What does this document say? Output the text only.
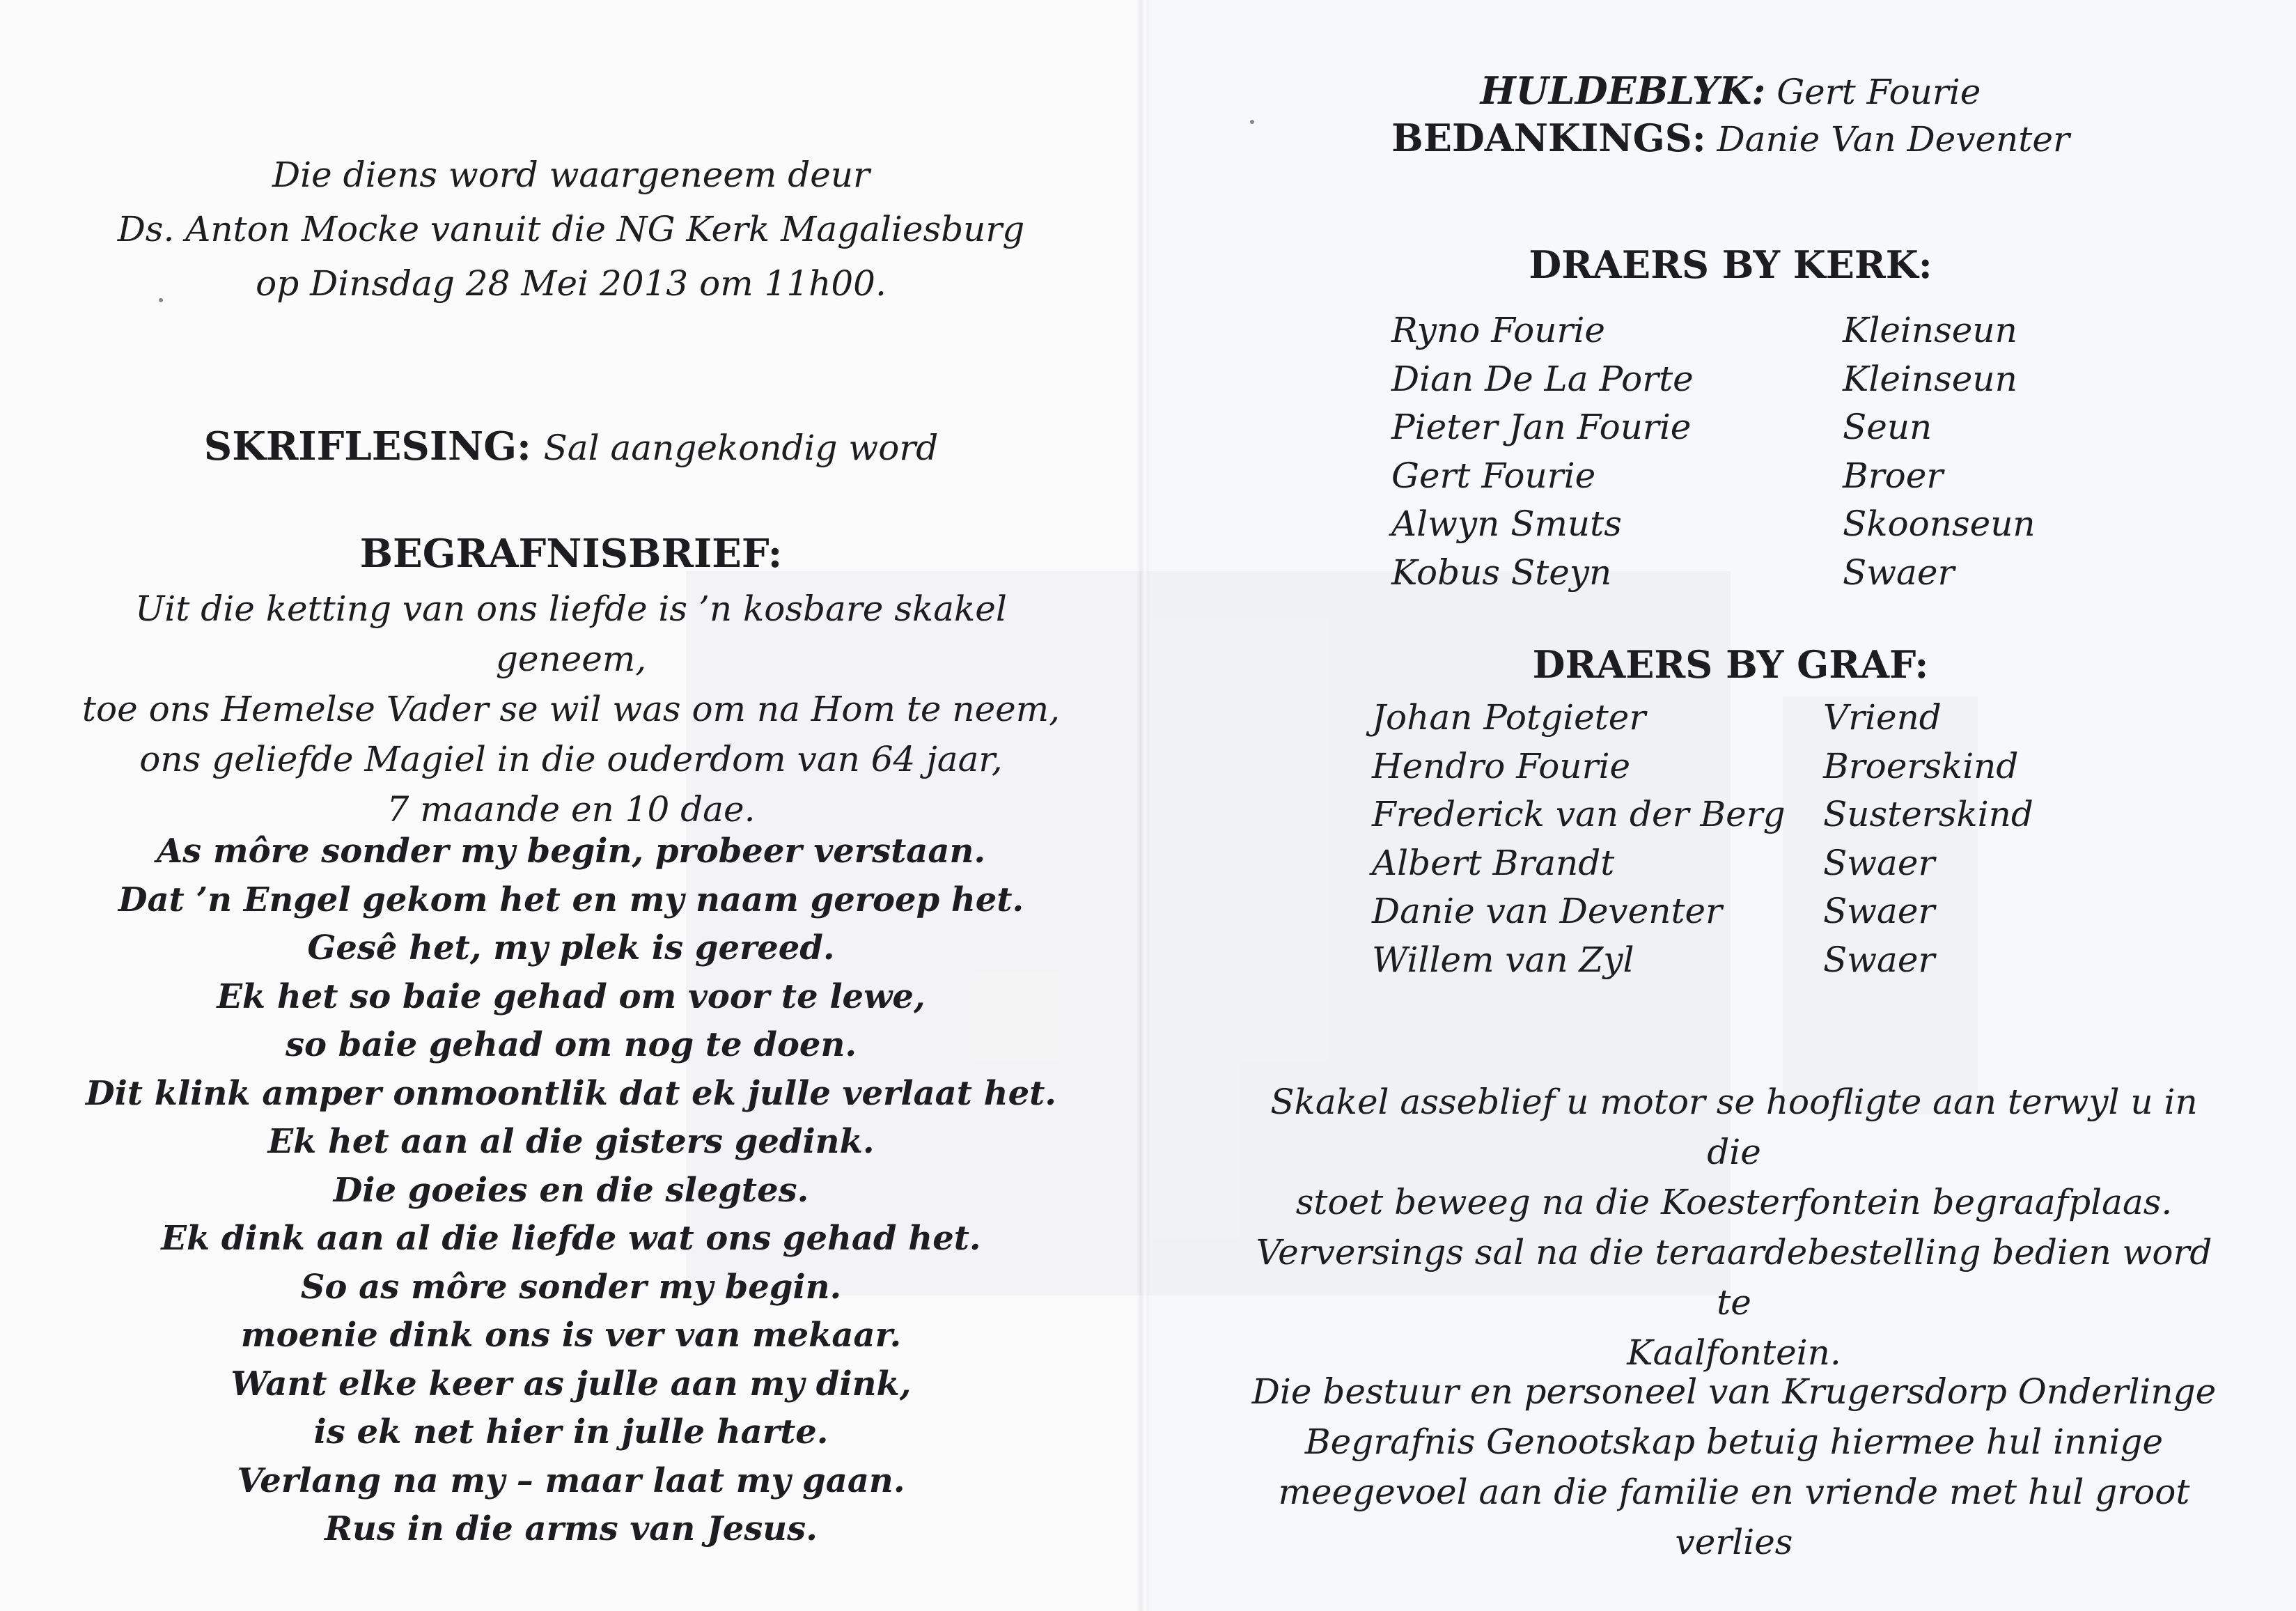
Die diens word waargeneem deur
Ds. Anton Mocke vanuit die NG Kerk Magaliesburg
op Dinsdag 28 Mei 2013 om 11h00.
SKRIFLESING: Sal aangekondig word
BEGRAFNISBRIEF:
Uit die ketting van ons liefde is ’n kosbare skakel geneem,
toe ons Hemelse Vader se wil was om na Hom te neem,
ons geliefde Magiel in die ouderdom van 64 jaar,
7 maande en 10 dae.
As môre sonder my begin, probeer verstaan.
Dat ’n Engel gekom het en my naam geroep het.
Gesê het, my plek is gereed.
Ek het so baie gehad om voor te lewe,
so baie gehad om nog te doen.
Dit klink amper onmoontlik dat ek julle verlaat het.
Ek het aan al die gisters gedink.
Die goeies en die slegtes.
Ek dink aan al die liefde wat ons gehad het.
So as môre sonder my begin.
moenie dink ons is ver van mekaar.
Want elke keer as julle aan my dink,
is ek net hier in julle harte.
Verlang na my – maar laat my gaan.
Rus in die arms van Jesus.
HULDEBLYK: Gert Fourie
BEDANKINGS: Danie Van Deventer
DRAERS BY KERK:
Ryno Fourie	Kleinseun
Dian De La Porte	Kleinseun
Pieter Jan Fourie	Seun
Gert Fourie	Broer
Alwyn Smuts	Skoonseun
Kobus Steyn	Swaer
DRAERS BY GRAF:
Johan Potgieter	Vriend
Hendro Fourie	Broerskind
Frederick van der Berg	Susterskind
Albert Brandt	Swaer
Danie van Deventer	Swaer
Willem van Zyl	Swaer
Skakel asseblief u motor se hoofligte aan terwyl u in die
stoet beweeg na die Koesterfontein begraafplaas.
Verversings sal na die teraardebestelling bedien word te
Kaalfontein.
Die bestuur en personeel van Krugersdorp Onderlinge
Begrafnis Genootskap betuig hiermee hul innige
meegevoel aan die familie en vriende met hul groot verlies
